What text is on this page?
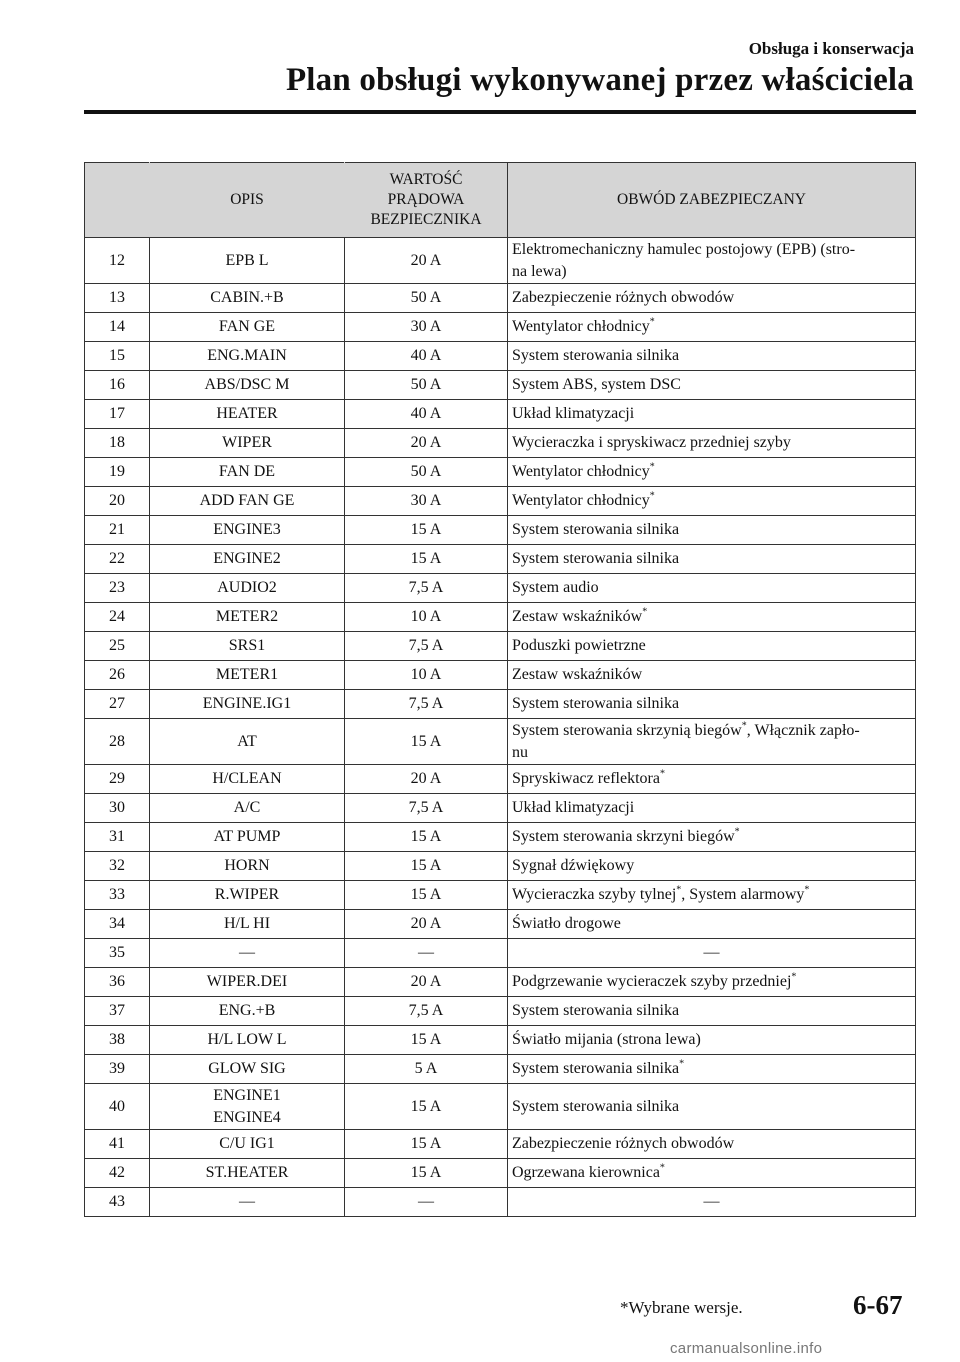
Obsługa i konserwacja
Plan obsługi wykonywanej przez właściciela
	OPIS	WARTOŚĆ
PRĄDOWA
BEZPIECZNIKA	OBWÓD ZABEZPIECZANY
12	EPB L	20 A	Elektromechaniczny hamulec postojowy (EPB) (stro-
na lewa)
13	CABIN.+B	50 A	Zabezpieczenie różnych obwodów
14	FAN GE	30 A	Wentylator chłodnicy*
15	ENG.MAIN	40 A	System sterowania silnika
16	ABS/DSC M	50 A	System ABS, system DSC
17	HEATER	40 A	Układ klimatyzacji
18	WIPER	20 A	Wycieraczka i spryskiwacz przedniej szyby
19	FAN DE	50 A	Wentylator chłodnicy*
20	ADD FAN GE	30 A	Wentylator chłodnicy*
21	ENGINE3	15 A	System sterowania silnika
22	ENGINE2	15 A	System sterowania silnika
23	AUDIO2	7,5 A	System audio
24	METER2	10 A	Zestaw wskaźników*
25	SRS1	7,5 A	Poduszki powietrzne
26	METER1	10 A	Zestaw wskaźników
27	ENGINE.IG1	7,5 A	System sterowania silnika
28	AT	15 A	System sterowania skrzynią biegów*, Włącznik zapło-
nu
29	H/CLEAN	20 A	Spryskiwacz reflektora*
30	A/C	7,5 A	Układ klimatyzacji
31	AT PUMP	15 A	System sterowania skrzyni biegów*
32	HORN	15 A	Sygnał dźwiękowy
33	R.WIPER	15 A	Wycieraczka szyby tylnej*, System alarmowy*
34	H/L HI	20 A	Światło drogowe
35	—	—	—
36	WIPER.DEI	20 A	Podgrzewanie wycieraczek szyby przedniej*
37	ENG.+B	7,5 A	System sterowania silnika
38	H/L LOW L	15 A	Światło mijania (strona lewa)
39	GLOW SIG	5 A	System sterowania silnika*
40	ENGINE1
ENGINE4	15 A	System sterowania silnika
41	C/U IG1	15 A	Zabezpieczenie różnych obwodów
42	ST.HEATER	15 A	Ogrzewana kierownica*
43	—	—	—
*Wybrane wersje.	6-67
carmanualsonline.info
